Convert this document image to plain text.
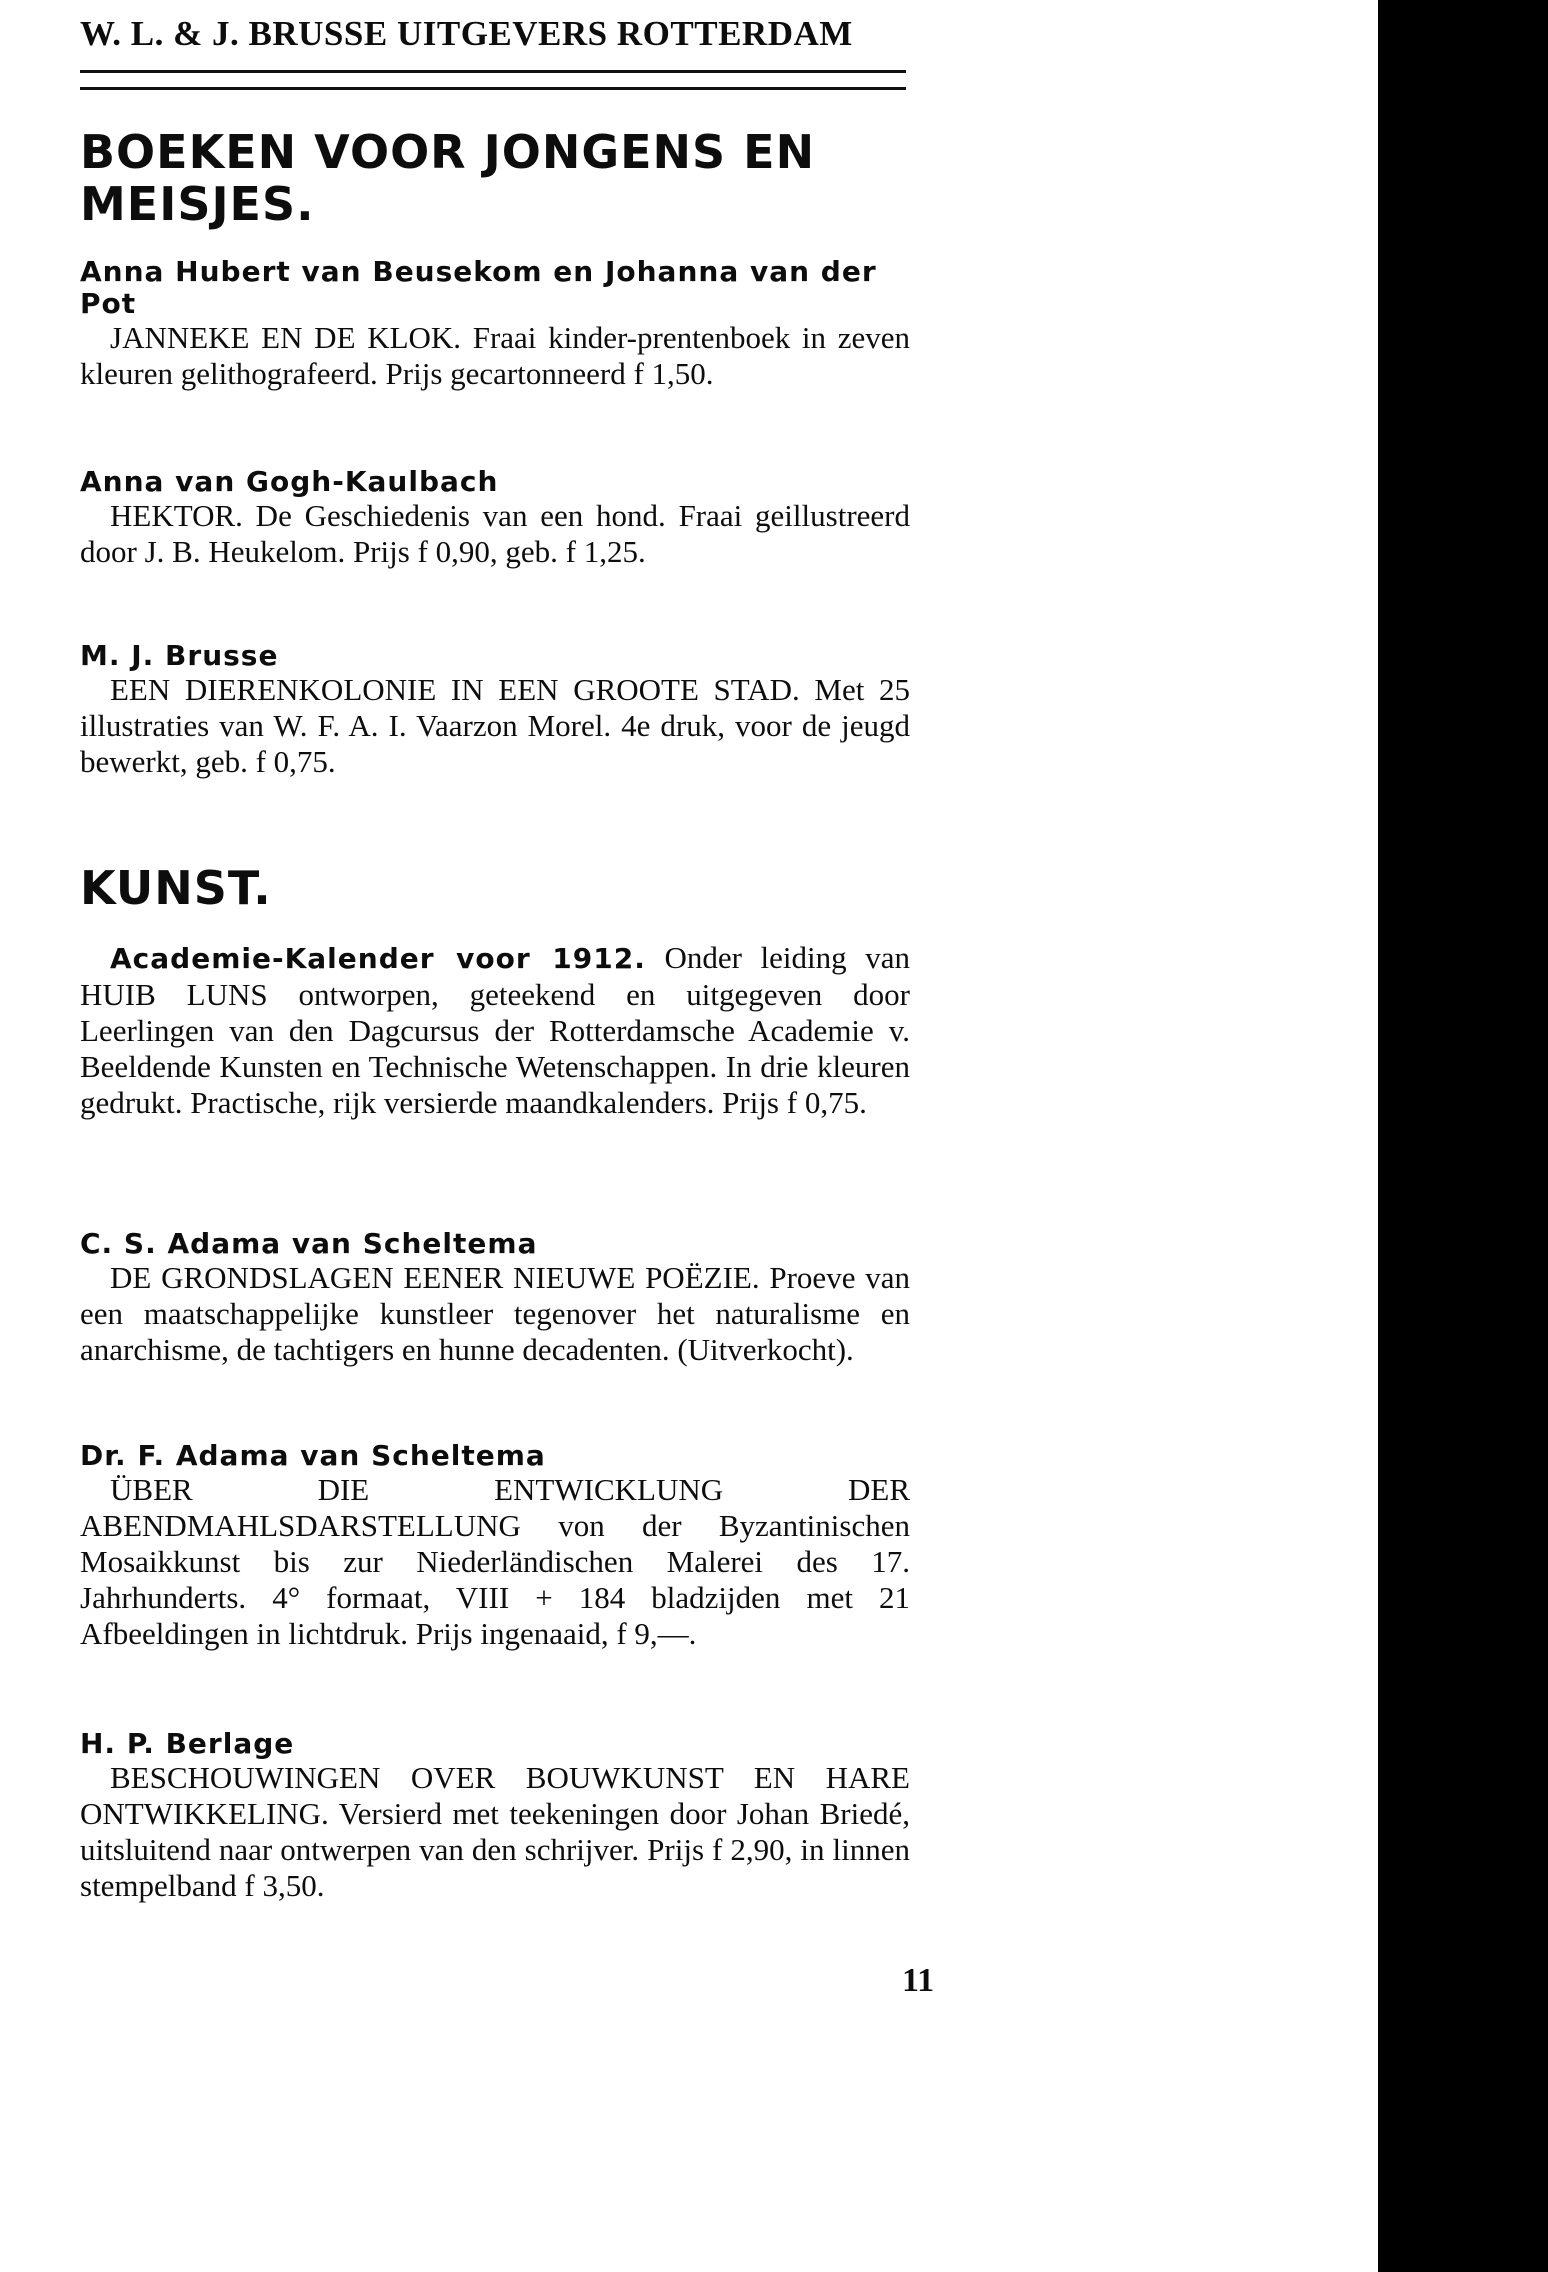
W. L. & J. BRUSSE UITGEVERS ROTTERDAM
BOEKEN VOOR JONGENS EN MEISJES.
Anna Hubert van Beusekom en Johanna van der Pot
JANNEKE EN DE KLOK. Fraai kinder-prentenboek in zeven kleuren gelithografeerd. Prijs gecartonneerd f 1,50.
Anna van Gogh-Kaulbach
HEKTOR. De Geschiedenis van een hond. Fraai geillustreerd door J. B. Heukelom. Prijs f 0,90, geb. f 1,25.
M. J. Brusse
EEN DIERENKOLONIE IN EEN GROOTE STAD. Met 25 illustraties van W. F. A. I. Vaarzon Morel. 4e druk, voor de jeugd bewerkt, geb. f 0,75.
KUNST.
Academie-Kalender voor 1912. Onder leiding van HUIB LUNS ontworpen, geteekend en uitgegeven door Leerlingen van den Dagcursus der Rotterdamsche Academie v. Beeldende Kunsten en Technische Wetenschappen. In drie kleuren gedrukt. Practische, rijk versierde maandkalenders. Prijs f 0,75.
C. S. Adama van Scheltema
DE GRONDSLAGEN EENER NIEUWE POËZIE. Proeve van een maatschappelijke kunstleer tegenover het naturalisme en anarchisme, de tachtigers en hunne decadenten. (Uitverkocht).
Dr. F. Adama van Scheltema
ÜBER DIE ENTWICKLUNG DER ABENDMAHLSDARSTELLUNG von der Byzantinischen Mosaikkunst bis zur Niederländischen Malerei des 17. Jahrhunderts. 4° formaat, VIII + 184 bladzijden met 21 Afbeeldingen in lichtdruk. Prijs ingenaaid, f 9,—.
H. P. Berlage
BESCHOUWINGEN OVER BOUWKUNST EN HARE ONTWIKKELING. Versierd met teekeningen door Johan Briedé, uitsluitend naar ontwerpen van den schrijver. Prijs f 2,90, in linnen stempelband f 3,50.
11
